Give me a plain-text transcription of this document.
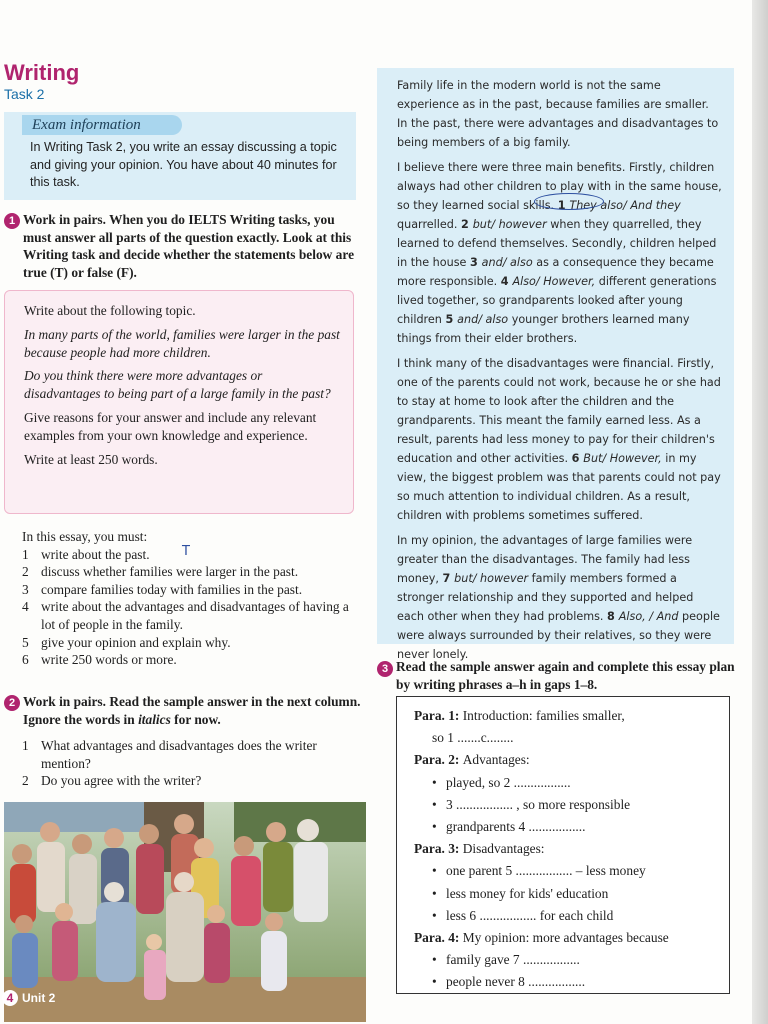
Writing
Task 2
Exam information
In Writing Task 2, you write an essay discussing a topic and giving your opinion. You have about 40 minutes for this task.
1 Work in pairs. When you do IELTS Writing tasks, you must answer all parts of the question exactly. Look at this Writing task and decide whether the statements below are true (T) or false (F).

Write about the following topic.

In many parts of the world, families were larger in the past because people had more children.

Do you think there were more advantages or disadvantages to being part of a large family in the past?

Give reasons for your answer and include any relevant examples from your own knowledge and experience.

Write at least 250 words.

In this essay, you must:
1 write about the past.
2 discuss whether families were larger in the past.
3 compare families today with families in the past.
4 write about the advantages and disadvantages of having a lot of people in the family.
5 give your opinion and explain why.
6 write 250 words or more.
T
2 Work in pairs. Read the sample answer in the next column. Ignore the words in italics for now.
1 What advantages and disadvantages does the writer mention?
2 Do you agree with the writer?
4 Unit 2

Family life in the modern world is not the same experience as in the past, because families are smaller. In the past, there were advantages and disadvantages to being members of a big family.

I believe there were three main benefits. Firstly, children always had other children to play with in the same house, so they learned social skills. 1 They also/ And they quarrelled. 2 but/ however when they quarrelled, they learned to defend themselves. Secondly, children helped in the house 3 and/ also as a consequence they became more responsible. 4 Also/ However, different generations lived together, so grandparents looked after young children 5 and/ also younger brothers learned many things from their elder brothers.

I think many of the disadvantages were financial. Firstly, one of the parents could not work, because he or she had to stay at home to look after the children and the grandparents. This meant the family earned less. As a result, parents had less money to pay for their children's education and other activities. 6 But/ However, in my view, the biggest problem was that parents could not pay so much attention to individual children. As a result, children with problems sometimes suffered.

In my opinion, the advantages of large families were greater than the disadvantages. The family had less money, 7 but/ however family members formed a stronger relationship and they supported and helped each other when they had problems. 8 Also, / And people were always surrounded by their relatives, so they were never lonely.

3 Read the sample answer again and complete this essay plan by writing phrases a–h in gaps 1–8.
Para. 1: Introduction: families smaller,
so 1 .......c........
Para. 2: Advantages:
• played, so 2 .................
• 3 ................. , so more responsible
• grandparents 4 .................
Para. 3: Disadvantages:
• one parent 5 ................. – less money
• less money for kids' education
• less 6 ................. for each child
Para. 4: My opinion: more advantages because
• family gave 7 .................
• people never 8 .................
